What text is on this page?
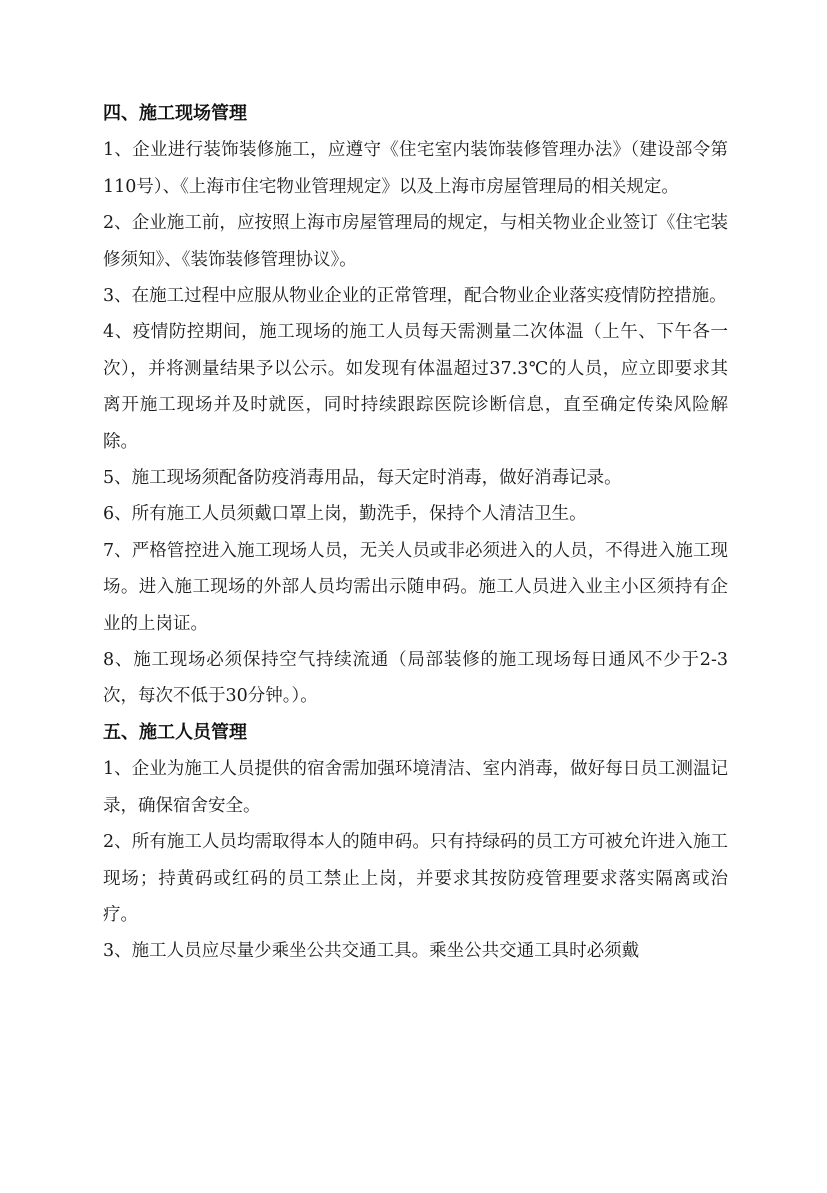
四、施工现场管理

1、企业进行装饰装修施工，应遵守《住宅室内装饰装修管理办法》（建设部令第110号）、《上海市住宅物业管理规定》以及上海市房屋管理局的相关规定。

2、企业施工前，应按照上海市房屋管理局的规定，与相关物业企业签订《住宅装修须知》、《装饰装修管理协议》。

3、在施工过程中应服从物业企业的正常管理，配合物业企业落实疫情防控措施。

4、疫情防控期间，施工现场的施工人员每天需测量二次体温（上午、下午各一次），并将测量结果予以公示。如发现有体温超过37.3℃的人员，应立即要求其离开施工现场并及时就医，同时持续跟踪医院诊断信息，直至确定传染风险解除。

5、施工现场须配备防疫消毒用品，每天定时消毒，做好消毒记录。

6、所有施工人员须戴口罩上岗，勤洗手，保持个人清洁卫生。

7、严格管控进入施工现场人员，无关人员或非必须进入的人员，不得进入施工现场。进入施工现场的外部人员均需出示随申码。施工人员进入业主小区须持有企业的上岗证。

8、施工现场必须保持空气持续流通（局部装修的施工现场每日通风不少于2-3次，每次不低于30分钟。）。

五、施工人员管理

1、企业为施工人员提供的宿舍需加强环境清洁、室内消毒，做好每日员工测温记录，确保宿舍安全。

2、所有施工人员均需取得本人的随申码。只有持绿码的员工方可被允许进入施工现场；持黄码或红码的员工禁止上岗，并要求其按防疫管理要求落实隔离或治疗。

3、施工人员应尽量少乘坐公共交通工具。乘坐公共交通工具时必须戴
